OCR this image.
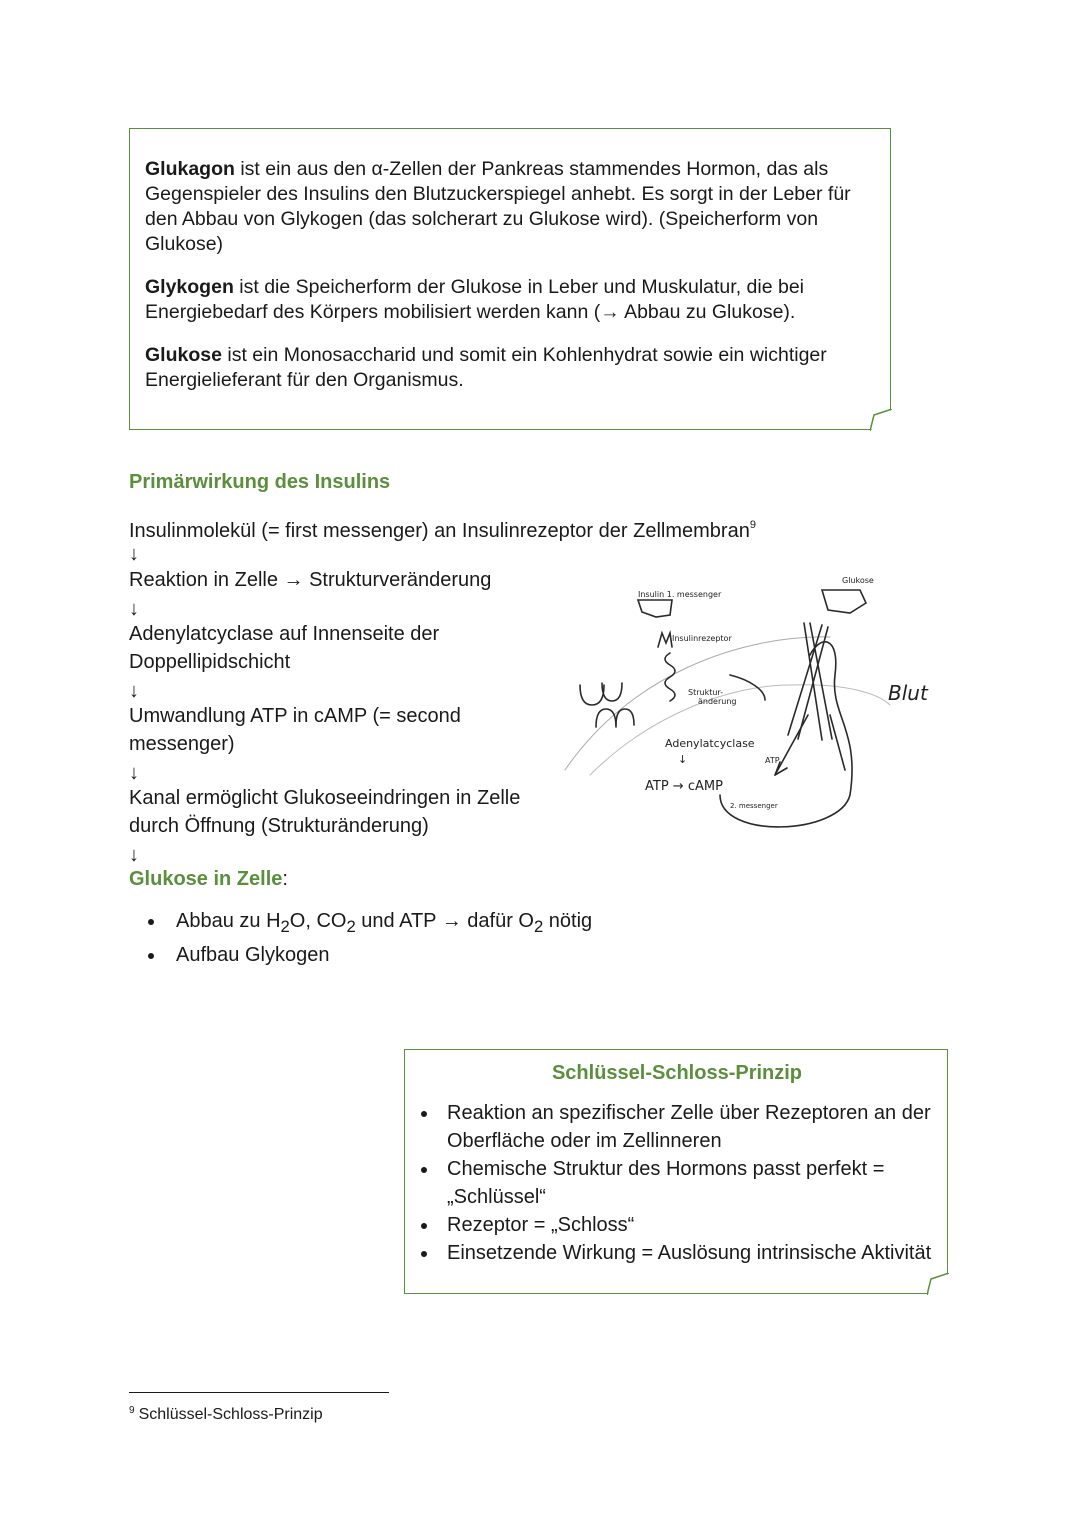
Glukagon ist ein aus den α-Zellen der Pankreas stammendes Hormon, das als Gegenspieler des Insulins den Blutzuckerspiegel anhebt. Es sorgt in der Leber für den Abbau von Glykogen (das solcherart zu Glukose wird). (Speicherform von Glukose)

Glykogen ist die Speicherform der Glukose in Leber und Muskulatur, die bei Energiebedarf des Körpers mobilisiert werden kann (→ Abbau zu Glukose).

Glukose ist ein Monosaccharid und somit ein Kohlenhydrat sowie ein wichtiger Energielieferant für den Organismus.

Primärwirkung des Insulins
Insulinmolekül (= first messenger) an Insulinrezeptor der Zellmembran$^9$
↓
Reaktion in Zelle → Strukturveränderung
↓
Adenylatcyclase auf Innenseite der
Doppellipidschicht
↓
Umwandlung ATP in cAMP (= second
messenger)
↓
Kanal ermöglicht Glukoseeindringen in Zelle
durch Öffnung (Strukturänderung)
↓
Glukose in Zelle:
Abbau zu $H_2O$, $CO_2$ und ATP → dafür $O_2$ nötig
Aufbau Glykogen
Insulin 1. messenger
Insulinrezeptor
Struktur-
änderung
Adenylatcyclase
↓	ATP
ATP → cAMP
2. messenger
Glukose
Blut
Schlüssel-Schloss-Prinzip
Reaktion an spezifischer Zelle über Rezeptoren an der Oberfläche oder im Zellinneren
Chemische Struktur des Hormons passt perfekt = „Schlüssel“
Rezeptor = „Schloss“
Einsetzende Wirkung = Auslösung intrinsische Aktivität
$^9$ Schlüssel-Schloss-Prinzip
